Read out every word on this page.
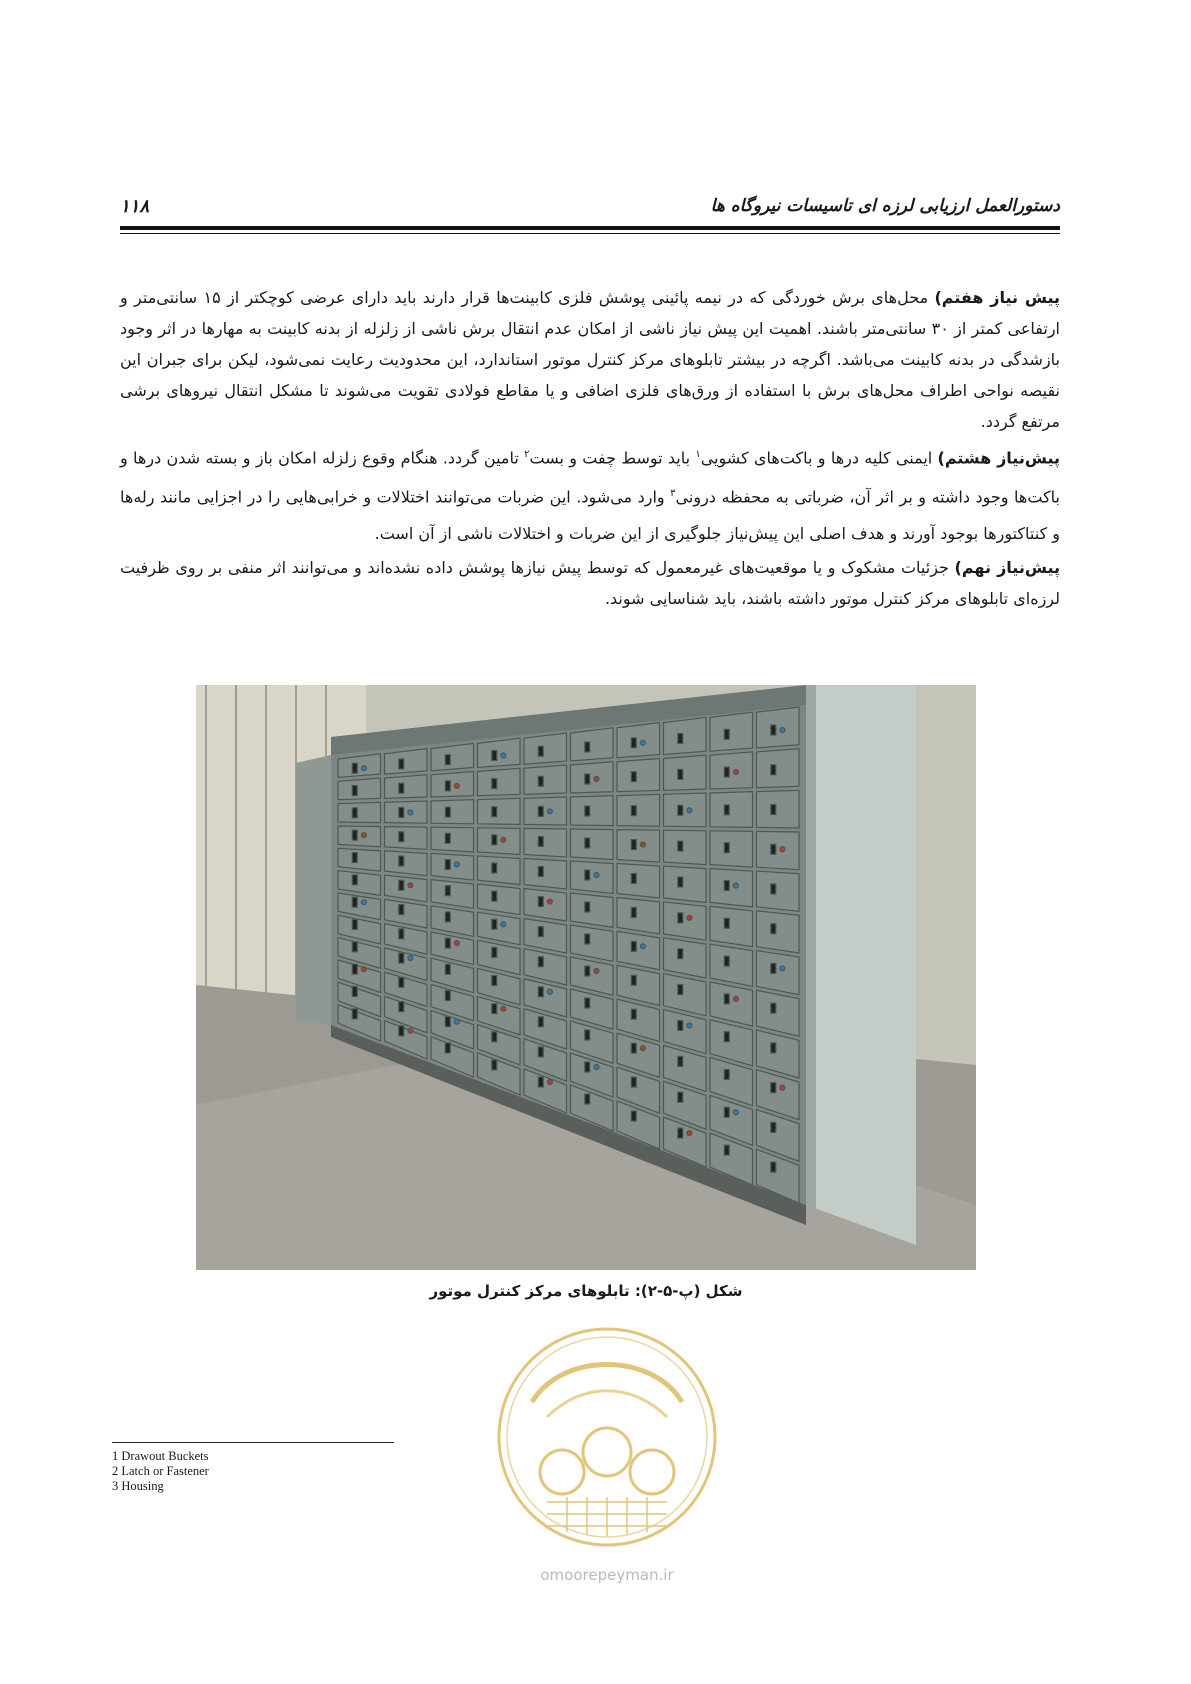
دستورالعمل ارزیابی لرزه ای تاسیسات نیروگاه ها
۱۱۸

پیش نیاز هفتم) محل‌های برش خوردگی که در نیمه پائینی پوشش فلزی کابینت‌ها قرار دارند باید دارای عرضی کوچکتر از ۱۵ سانتی‌متر و ارتفاعی کمتر از ۳۰ سانتی‌متر باشند. اهمیت این پیش نیاز ناشی از امکان عدم انتقال برش ناشی از زلزله از بدنه کابینت به مهارها در اثر وجود بازشدگی در بدنه کابینت می‌باشد. اگرچه در بیشتر تابلوهای مرکز کنترل موتور استاندارد، این محدودیت رعایت نمی‌شود، لیکن برای جبران این نقیصه نواحی اطراف محل‌های برش با استفاده از ورق‌های فلزی اضافی و یا مقاطع فولادی تقویت می‌شوند تا مشکل انتقال نیروهای برشی مرتفع گردد.

پیش‌نیاز هشتم) ایمنی کلیه درها و باکت‌های کشویی$^۱$ باید توسط چفت و بست$^۲$ تامین گردد. هنگام وقوع زلزله امکان باز و بسته شدن درها و باکت‌ها وجود داشته و بر اثر آن، ضرباتی به محفظه درونی$^۳$ وارد می‌شود. این ضربات می‌توانند اختلالات و خرابی‌هایی را در اجزایی مانند رله‌ها و کنتاکتورها بوجود آورند و هدف اصلی این پیش‌نیاز جلوگیری از این ضربات و اختلالات ناشی از آن است.

پیش‌نیاز نهم) جزئیات مشکوک و یا موقعیت‌های غیرمعمول که توسط پیش نیازها پوشش داده نشده‌اند و می‌توانند اثر منفی بر روی ظرفیت لرزه‌ای تابلوهای مرکز کنترل موتور داشته باشند، باید شناسایی شوند.

شکل (پ-۵-۲): تابلوهای مرکز کنترل موتور
omoorepeyman.ir
1 Drawout Buckets
2 Latch or Fastener
3 Housing
